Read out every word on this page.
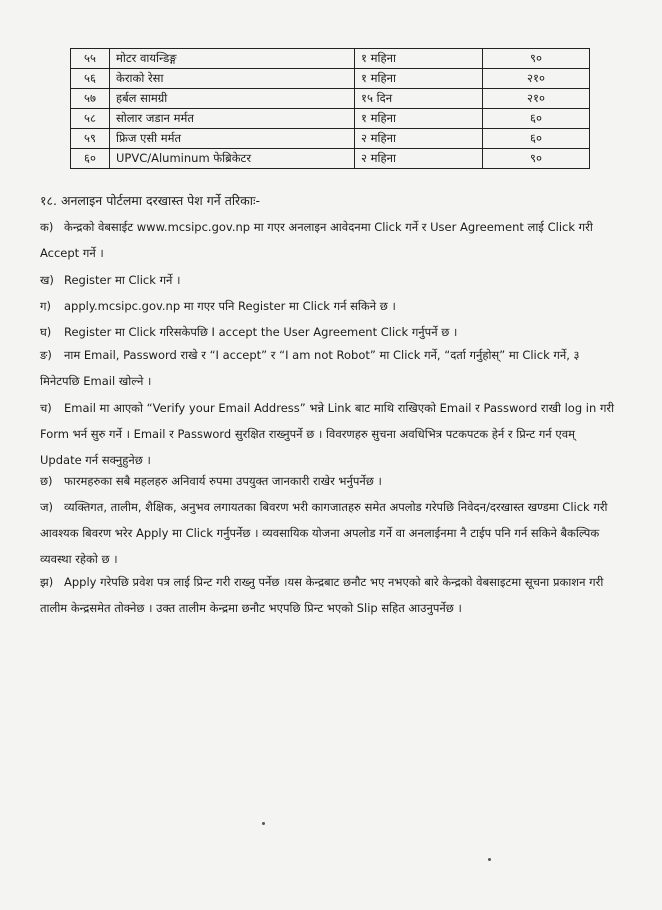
५५	मोटर वायन्डिङ्ग	१ महिना	९०
५६	केराको रेसा	१ महिना	२१०
५७	हर्बल सामग्री	१५ दिन	२१०
५८	सोलार जडान मर्मत	१ महिना	६०
५९	फ्रिज एसी मर्मत	२ महिना	६०
६०	UPVC/Aluminum फेब्रिकेटर	२ महिना	९०
१८. अनलाइन पोर्टलमा दरखास्त पेश गर्ने तरिकाः-
क) केन्द्रको वेबसाईट www.mcsipc.gov.np मा गएर अनलाइन आवेदनमा Click गर्ने र User Agreement लाई Click गरी Accept गर्ने ।
ख) Register मा Click गर्ने ।
ग) apply.mcsipc.gov.np मा गएर पनि Register मा Click गर्न सकिने छ ।
घ) Register मा Click गरिसकेपछि I accept the User Agreement Click गर्नुपर्ने छ ।
ङ) नाम Email, Password राखे र “I accept” र “I am not Robot” मा Click गर्ने, “दर्ता गर्नुहोस्” मा Click गर्ने, ३ मिनेटपछि Email खोल्ने ।
च) Email मा आएको “Verify your Email Address” भन्ने Link बाट माथि राखिएको Email र Password राखी log in गरी Form भर्न सुरु गर्ने । Email र Password सुरक्षित राख्नुपर्ने छ । विवरणहरु सुचना अवधिभित्र पटकपटक हेर्न र प्रिन्ट गर्न एवम् Update गर्न सक्नुहुनेछ ।
छ) फारमहरुका सबै महलहरु अनिवार्य रुपमा उपयुक्त जानकारी राखेर भर्नुपर्नेछ ।
ज) व्यक्तिगत, तालीम, शैक्षिक, अनुभव लगायतका बिवरण भरी कागजातहरु समेत अपलोड गरेपछि निवेदन/दरखास्त खण्डमा Click गरी आवश्यक बिवरण भरेर Apply मा Click गर्नुपर्नेछ । व्यवसायिक योजना अपलोड गर्ने वा अनलाईनमा नै टाईप पनि गर्न सकिने बैकल्पिक व्यवस्था रहेको छ ।
झ) Apply गरेपछि प्रवेश पत्र लाई प्रिन्ट गरी राख्नु पर्नेछ ।यस केन्द्रबाट छनौट भए नभएको बारे केन्द्रको वेबसाइटमा सूचना प्रकाशन गरी तालीम केन्द्रसमेत तोक्नेछ । उक्त तालीम केन्द्रमा छनौट भएपछि प्रिन्ट भएको Slip सहित आउनुपर्नेछ ।
